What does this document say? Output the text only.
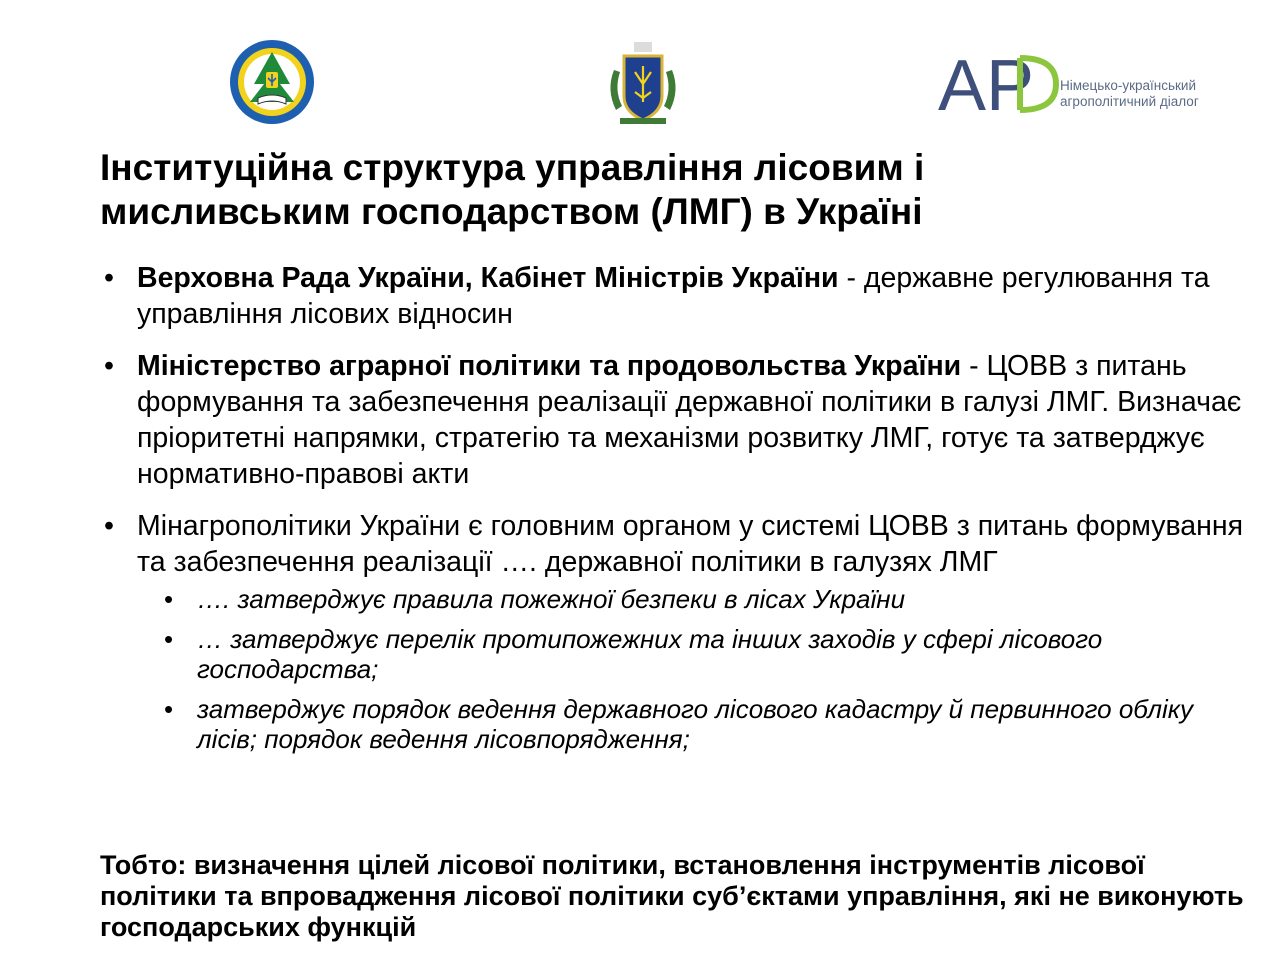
AP Німецько-український
агрополітичний діалог
Інституційна структура управління лісовим і
мисливським господарством (ЛМГ) в Україні
• Верховна Рада України, Кабінет Міністрів України - державне регулювання та управління лісових відносин
• Міністерство аграрної політики та продовольства України - ЦОВВ з питань формування та забезпечення реалізації державної політики в галузі ЛМГ. Визначає пріоритетні напрямки, стратегію та механізми розвитку ЛМГ, готує та затверджує нормативно-правові акти
• Мінагрополітики України є головним органом у системі ЦОВВ з питань формування та забезпечення реалізації …. державної політики в галузях ЛМГ
• …. затверджує правила пожежної безпеки в лісах України
• … затверджує перелік протипожежних та інших заходів у сфері лісового господарства;
• затверджує порядок ведення державного лісового кадастру й первинного обліку лісів; порядок ведення лісовпорядження;

Тобто: визначення цілей лісової політики, встановлення інструментів лісової політики та впровадження лісової політики суб’єктами управління, які не виконують господарських функцій
